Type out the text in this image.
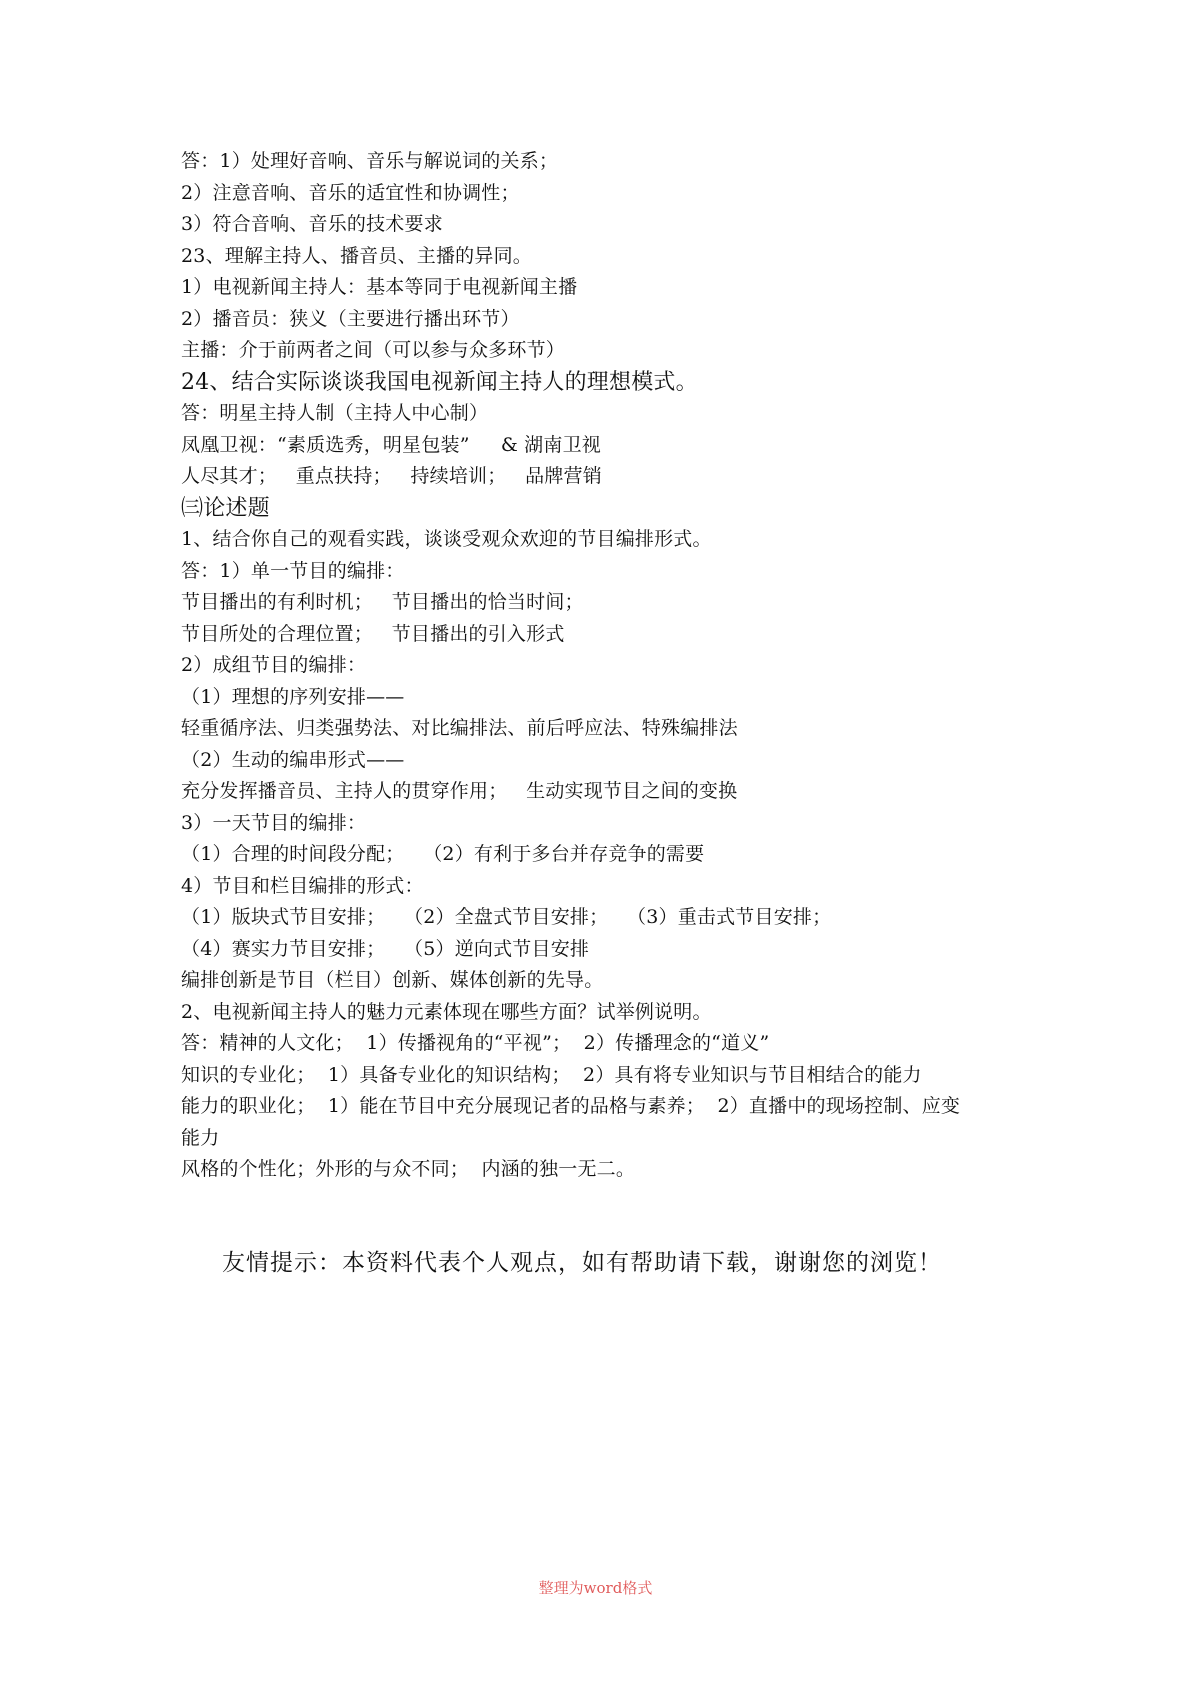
答：1）处理好音响、音乐与解说词的关系；
2）注意音响、音乐的适宜性和协调性；
3）符合音响、音乐的技术要求
23、理解主持人、播音员、主播的异同。
1）电视新闻主持人：基本等同于电视新闻主播
2）播音员：狭义（主要进行播出环节）
主播：介于前两者之间（可以参与众多环节）
24、结合实际谈谈我国电视新闻主持人的理想模式。
答：明星主持人制（主持人中心制）
凤凰卫视：“素质选秀，明星包装”     & 湖南卫视
人尽其才；   重点扶持；   持续培训；   品牌营销
㈢论述题
1、结合你自己的观看实践，谈谈受观众欢迎的节目编排形式。
答：1）单一节目的编排：
节目播出的有利时机；   节目播出的恰当时间；
节目所处的合理位置；   节目播出的引入形式
2）成组节目的编排：
（1）理想的序列安排——
轻重循序法、归类强势法、对比编排法、前后呼应法、特殊编排法
（2）生动的编串形式——
充分发挥播音员、主持人的贯穿作用；   生动实现节目之间的变换
3）一天节目的编排：
（1）合理的时间段分配；   （2）有利于多台并存竞争的需要
4）节目和栏目编排的形式：
（1）版块式节目安排；   （2）全盘式节目安排；   （3）重击式节目安排；
（4）赛实力节目安排；   （5）逆向式节目安排
编排创新是节目（栏目）创新、媒体创新的先导。
2、电视新闻主持人的魅力元素体现在哪些方面？试举例说明。
答：精神的人文化；  1）传播视角的“平视”；  2）传播理念的“道义”
知识的专业化；  1）具备专业化的知识结构；  2）具有将专业知识与节目相结合的能力
能力的职业化；  1）能在节目中充分展现记者的品格与素养；  2）直播中的现场控制、应变
能力
风格的个性化；外形的与众不同；  内涵的独一无二。
友情提示：本资料代表个人观点，如有帮助请下载，谢谢您的浏览！
整理为word格式
